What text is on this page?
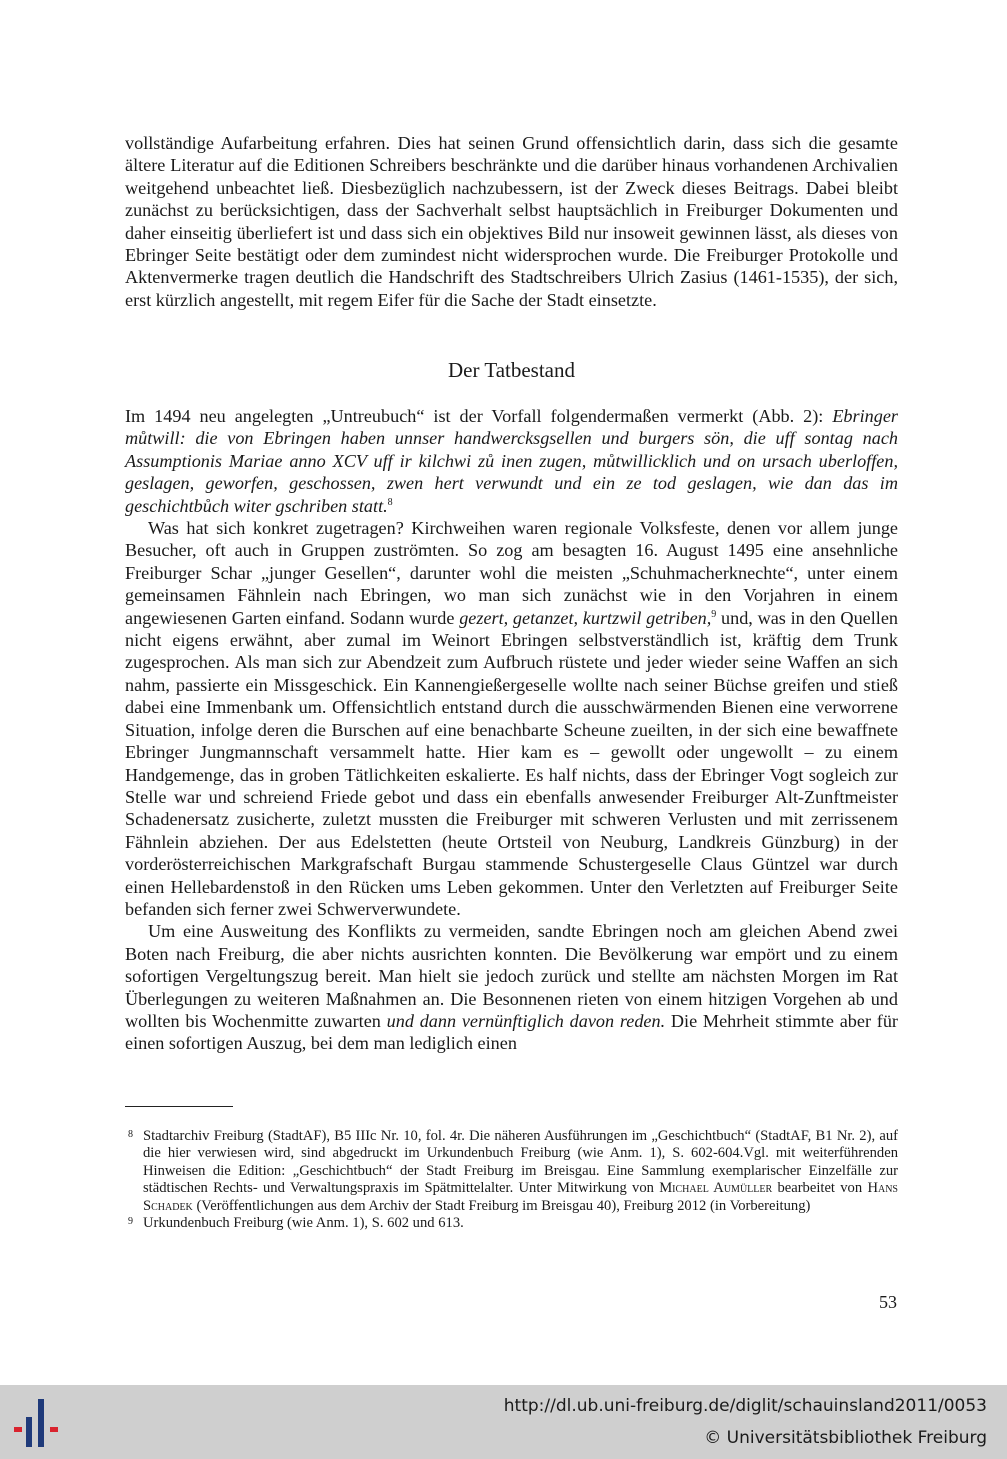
vollständige Aufarbeitung erfahren. Dies hat seinen Grund offensichtlich darin, dass sich die gesamte ältere Literatur auf die Editionen Schreibers beschränkte und die darüber hinaus vorhandenen Archivalien weitgehend unbeachtet ließ. Diesbezüglich nachzubessern, ist der Zweck dieses Beitrags. Dabei bleibt zunächst zu berücksichtigen, dass der Sachverhalt selbst hauptsächlich in Freiburger Dokumenten und daher einseitig überliefert ist und dass sich ein objektives Bild nur insoweit gewinnen lässt, als dieses von Ebringer Seite bestätigt oder dem zumindest nicht widersprochen wurde. Die Freiburger Protokolle und Aktenvermerke tragen deutlich die Handschrift des Stadtschreibers Ulrich Zasius (1461-1535), der sich, erst kürzlich angestellt, mit regem Eifer für die Sache der Stadt einsetzte.

Der Tatbestand

Im 1494 neu angelegten „Untreubuch“ ist der Vorfall folgendermaßen vermerkt (Abb. 2): Ebringer můtwill: die von Ebringen haben unnser handwercksgsellen und burgers sön, die uff sontag nach Assumptionis Mariae anno XCV uff ir kilchwi zů inen zugen, můtwillicklich und on ursach uberloffen, geslagen, geworfen, geschossen, zwen hert verwundt und ein ze tod geslagen, wie dan das im geschichtbůch witer gschriben statt.$^8$

Was hat sich konkret zugetragen? Kirchweihen waren regionale Volksfeste, denen vor allem junge Besucher, oft auch in Gruppen zuströmten. So zog am besagten 16. August 1495 eine ansehnliche Freiburger Schar „junger Gesellen“, darunter wohl die meisten „Schuhmacherknechte“, unter einem gemeinsamen Fähnlein nach Ebringen, wo man sich zunächst wie in den Vorjahren in einem angewiesenen Garten einfand. Sodann wurde gezert, getanzet, kurtzwil getriben,$^9$ und, was in den Quellen nicht eigens erwähnt, aber zumal im Weinort Ebringen selbstverständlich ist, kräftig dem Trunk zugesprochen. Als man sich zur Abendzeit zum Aufbruch rüstete und jeder wieder seine Waffen an sich nahm, passierte ein Missgeschick. Ein Kannengießergeselle wollte nach seiner Büchse greifen und stieß dabei eine Immenbank um. Offensichtlich entstand durch die ausschwärmenden Bienen eine verworrene Situation, infolge deren die Burschen auf eine benachbarte Scheune zueilten, in der sich eine bewaffnete Ebringer Jungmannschaft versammelt hatte. Hier kam es – gewollt oder ungewollt – zu einem Handgemenge, das in groben Tätlichkeiten eskalierte. Es half nichts, dass der Ebringer Vogt sogleich zur Stelle war und schreiend Friede gebot und dass ein ebenfalls anwesender Freiburger Alt-Zunftmeister Schadenersatz zusicherte, zuletzt mussten die Freiburger mit schweren Verlusten und mit zerrissenem Fähnlein abziehen. Der aus Edelstetten (heute Ortsteil von Neuburg, Landkreis Günzburg) in der vorderösterreichischen Markgrafschaft Burgau stammende Schustergeselle Claus Güntzel war durch einen Hellebardenstoß in den Rücken ums Leben gekommen. Unter den Verletzten auf Freiburger Seite befanden sich ferner zwei Schwerverwundete.

Um eine Ausweitung des Konflikts zu vermeiden, sandte Ebringen noch am gleichen Abend zwei Boten nach Freiburg, die aber nichts ausrichten konnten. Die Bevölkerung war empört und zu einem sofortigen Vergeltungszug bereit. Man hielt sie jedoch zurück und stellte am nächsten Morgen im Rat Überlegungen zu weiteren Maßnahmen an. Die Besonnenen rieten von einem hitzigen Vorgehen ab und wollten bis Wochenmitte zuwarten und dann vernünftiglich davon reden. Die Mehrheit stimmte aber für einen sofortigen Auszug, bei dem man lediglich einen

8 Stadtarchiv Freiburg (StadtAF), B5 IIIc Nr. 10, fol. 4r. Die näheren Ausführungen im „Geschichtbuch“ (StadtAF, B1 Nr. 2), auf die hier verwiesen wird, sind abgedruckt im Urkundenbuch Freiburg (wie Anm. 1), S. 602-604.Vgl. mit weiterführenden Hinweisen die Edition: „Geschichtbuch“ der Stadt Freiburg im Breisgau. Eine Sammlung exemplarischer Einzelfälle zur städtischen Rechts- und Verwaltungspraxis im Spätmittelalter. Unter Mitwirkung von Michael Aumüller bearbeitet von Hans Schadek (Veröffentlichungen aus dem Archiv der Stadt Freiburg im Breisgau 40), Freiburg 2012 (in Vorbereitung)

9 Urkundenbuch Freiburg (wie Anm. 1), S. 602 und 613.

53
http://dl.ub.uni-freiburg.de/diglit/schauinsland2011/0053
© Universitätsbibliothek Freiburg
